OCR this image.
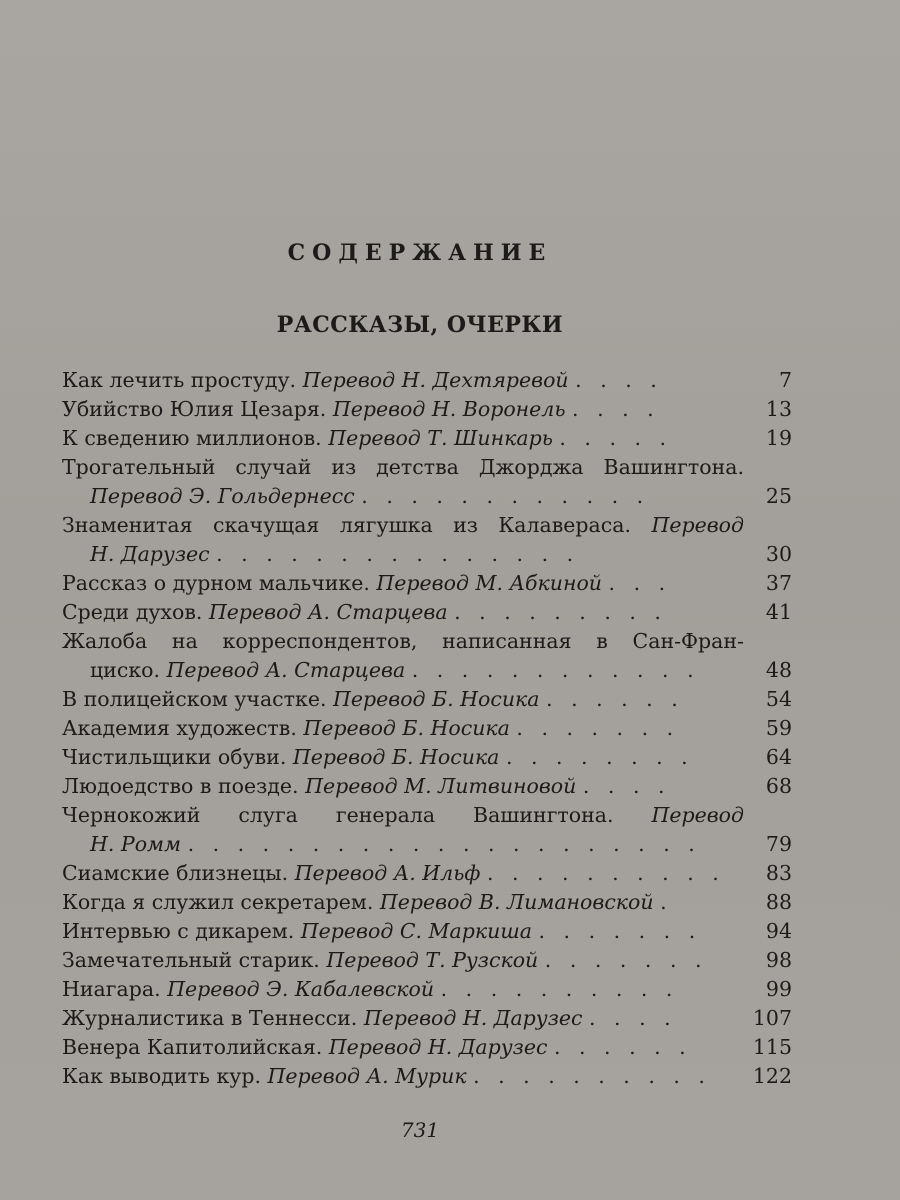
СОДЕРЖАНИЕ
РАССКАЗЫ, ОЧЕРКИ
Как лечить простуду. Перевод Н. Дехтяревой . . . .	7
Убийство Юлия Цезаря. Перевод Н. Воронель . . . .	13
К сведению миллионов. Перевод Т. Шинкарь . . . . .	19
Трогательный случай из детства Джорджа Вашингтона.
Перевод Э. Гольдернесс . . . . . . . . . . . .	25
Знаменитая скачущая лягушка из Калавераса. Перевод
Н. Дарузес . . . . . . . . . . . . . . .	30
Рассказ о дурном мальчике. Перевод М. Абкиной . . .	37
Среди духов. Перевод А. Старцева . . . . . . . . .	41
Жалоба на корреспондентов, написанная в Сан-Фран-
циско. Перевод А. Старцева . . . . . . . . . . . .	48
В полицейском участке. Перевод Б. Носика . . . . . .	54
Академия художеств. Перевод Б. Носика . . . . . . .	59
Чистильщики обуви. Перевод Б. Носика . . . . . . . .	64
Людоедство в поезде. Перевод М. Литвиновой . . . .	68
Чернокожий слуга генерала Вашингтона. Перевод
Н. Ромм . . . . . . . . . . . . . . . . . . . . .	79
Сиамские близнецы. Перевод А. Ильф . . . . . . . . . .	83
Когда я служил секретарем. Перевод В. Лимановской .	88
Интервью с дикарем. Перевод С. Маркиша . . . . . . .	94
Замечательный старик. Перевод Т. Рузской . . . . . . .	98
Ниагара. Перевод Э. Кабалевской . . . . . . . . . .	99
Журналистика в Теннесси. Перевод Н. Дарузес . . . .	107
Венера Капитолийская. Перевод Н. Дарузес . . . . . .	115
Как выводить кур. Перевод А. Мурик . . . . . . . . . .	122
731
